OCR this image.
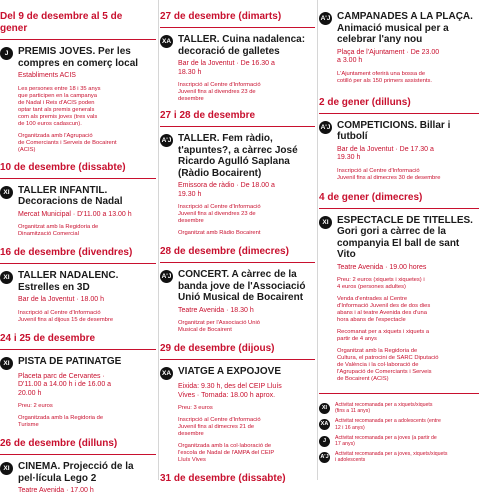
Del 9 de desembre al 5 de gener
J PREMIS JOVES. Per les compres en comerç local
Establiments ACIS
Les persones entre 18 i 35 anys
que participen en la campanya
de Nadal i Reis d'ACIS poden
optar tant als premis generals
com als premis joves (tres vals
de 100 euros cadascun).
Organitzada amb l'Agrupació
de Comerciants i Serveis de Bocairent
(ACIS)
10 de desembre (dissabte)
XI TALLER INFANTIL. Decoracions de Nadal
Mercat Municipal · D'11.00 a 13.00 h
Organitzat amb la Regidoria de
Dinamització Comercial
16 de desembre (divendres)
XI TALLER NADALENC. Estrelles en 3D
Bar de la Joventut · 18.00 h
Inscripció al Centre d'Informació
Juvenil fins al dijous 15 de desembre
24 i 25 de desembre
XI PISTA DE PATINATGE
Placeta parc de Cervantes ·
D'11.00 a 14.00 h i de 16.00 a
20.00 h
Preu: 2 euros
Organitzada amb la Regidoria de
Turisme
26 de desembre (dilluns)
XI CINEMA. Projecció de la pel·lícula Lego 2
Teatre Avenida · 17.00 h
27 de desembre (dimarts)
XA TALLER. Cuina nadalenca: decoració de galletes
Bar de la Joventut · De 16.30 a
18.30 h
Inscripció al Centre d'Informació
Juvenil fins al divendres 23 de
desembre
27 i 28 de desembre
A'J TALLER. Fem ràdio, t'apuntes?, a càrrec José Ricardo Agulló Saplana (Ràdio Bocairent)
Emissora de ràdio · De 18.00 a
19.30 h
Inscripció al Centre d'Informació
Juvenil fins al divendres 23 de
desembre
Organitzat amb Ràdio Bocairent
28 de desembre (dimecres)
A'J CONCERT. A càrrec de la banda jove de l'Associació Unió Musical de Bocairent
Teatre Avenida · 18.30 h
Organitzat per l'Associació Unió
Musical de Bocairent
29 de desembre (dijous)
XA VIATGE A EXPOJOVE
Eixida: 9.30 h, des del CEIP Lluís
Vives · Tornada: 18.00 h aprox.
Preu: 3 euros
Inscripció al Centre d'Informació
Juvenil fins al dimecres 21 de
desembre
Organitzada amb la col·laboració de
l'escola de Nadal de l'AMPA del CEIP
Lluís Vives
31 de desembre (dissabte)
A'J CAMPANADES A LA PLAÇA. Animació musical per a celebrar l'any nou
Plaça de l'Ajuntament · De 23.00
a 3.00 h
L'Ajuntament oferirà una bossa de
cotilló per als 150 primers assistents.
2 de gener (dilluns)
A'J COMPETICIONS. Billar i futbolí
Bar de la Joventut · De 17.30 a
19.30 h
Inscripció al Centre d'Informació
Juvenil fins al dimecres 30 de desembre
4 de gener (dimecres)
XI ESPECTACLE DE TITELLES. Gori gori a càrrec de la companyia El ball de sant Vito
Teatre Avenida · 19.00 hores
Preu: 2 euros (xiquets i xiquetes) i
4 euros (persones adultes)
Venda d'entrades al Centre
d'Informació Juvenil des de dos dies
abans i al teatre Avenida des d'una
hora abans de l'espectacle
Recomanat per a xiquets i xiquets a
partir de 4 anys
Organitzat amb la Regidoria de
Cultura, el patrocini de SARC Diputació
de València i la col·laboració de
l'Agrupació de Comerciants i Serveis
de Bocairent (ACIS)
XI	Activitat recomanada per a xiquets/xiquets
(fins a 11 anys)
XA	Activitat recomanada per a adolescents (entre
12 i 16 anys)
J	Activitat recomanada per a joves (a partir de
17 anys)
A'J Activitat recomanada per a joves, xiquets/xiquets
i adolescents
